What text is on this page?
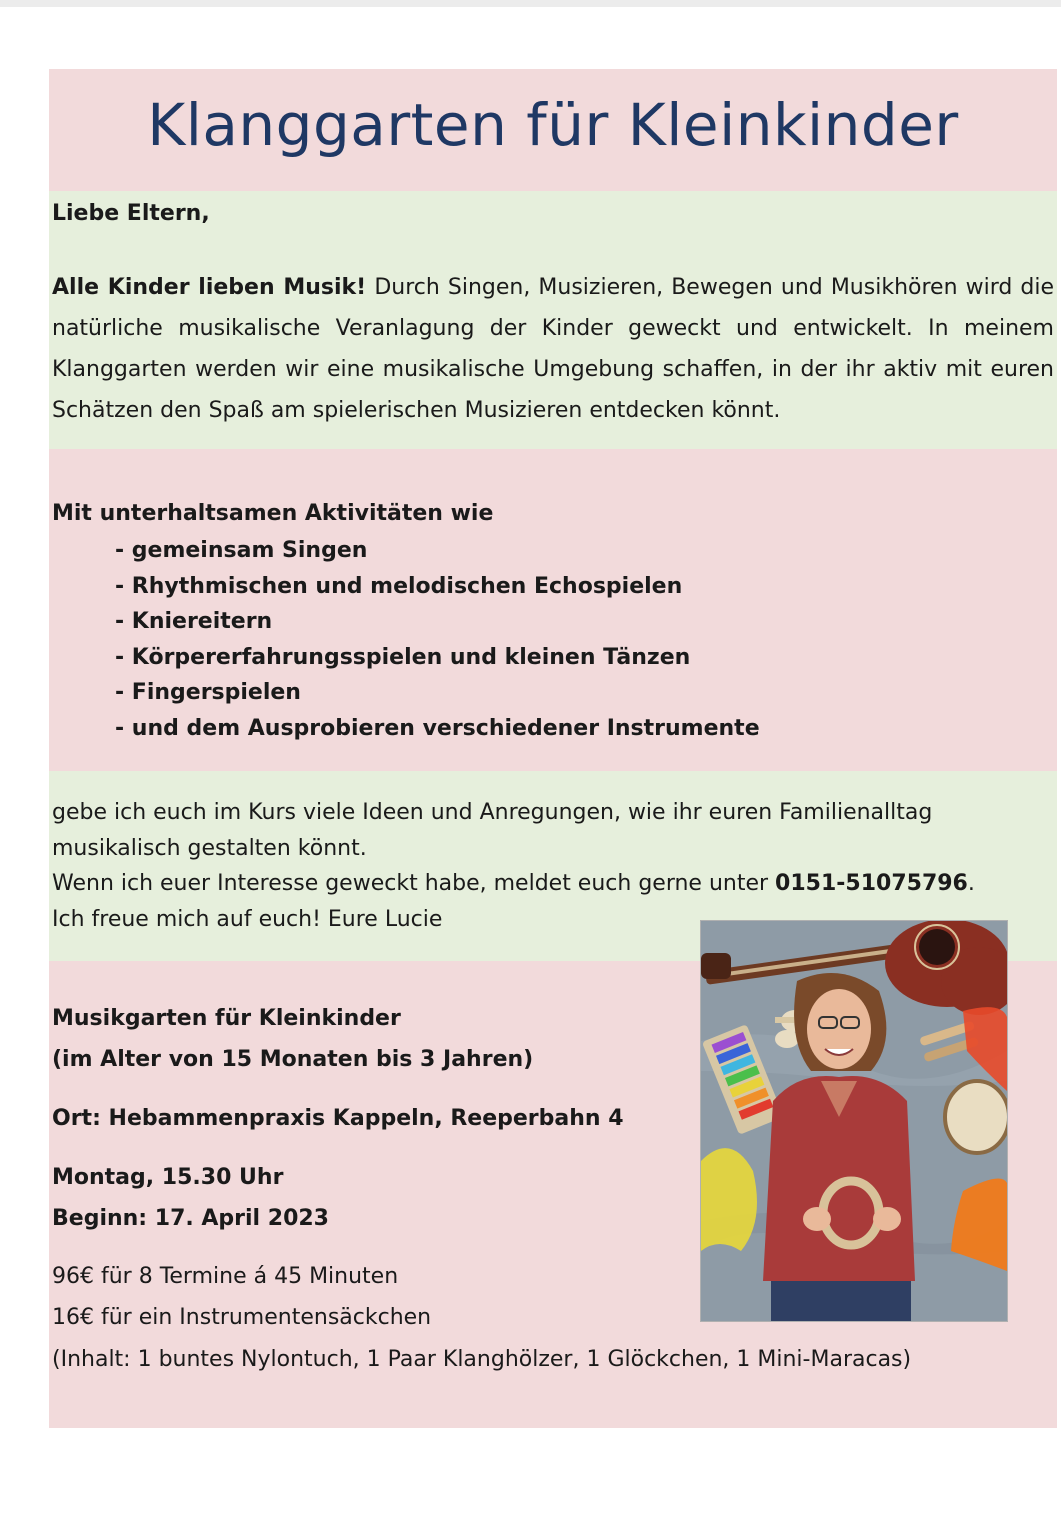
Klanggarten für Kleinkinder
Liebe Eltern,
Alle Kinder lieben Musik! Durch Singen, Musizieren, Bewegen und Musikhören wird die natürliche musikalische Veranlagung der Kinder geweckt und entwickelt. In meinem Klanggarten werden wir eine musikalische Umgebung schaffen, in der ihr aktiv mit euren Schätzen den Spaß am spielerischen Musizieren entdecken könnt.
Mit unterhaltsamen Aktivitäten wie
- gemeinsam Singen
- Rhythmischen und melodischen Echospielen
- Kniereitern
- Körpererfahrungsspielen und kleinen Tänzen
- Fingerspielen
- und dem Ausprobieren verschiedener Instrumente
gebe ich euch im Kurs viele Ideen und Anregungen, wie ihr euren Familienalltag
musikalisch gestalten könnt.
Wenn ich euer Interesse geweckt habe, meldet euch gerne unter 0151-51075796.
Ich freue mich auf euch! Eure Lucie
Musikgarten für Kleinkinder
(im Alter von 15 Monaten bis 3 Jahren)
Ort: Hebammenpraxis Kappeln, Reeperbahn 4
Montag, 15.30 Uhr
Beginn: 17. April 2023
96€ für 8 Termine á 45 Minuten
16€ für ein Instrumentensäckchen
(Inhalt: 1 buntes Nylontuch, 1 Paar Klanghölzer, 1 Glöckchen, 1 Mini-Maracas)
